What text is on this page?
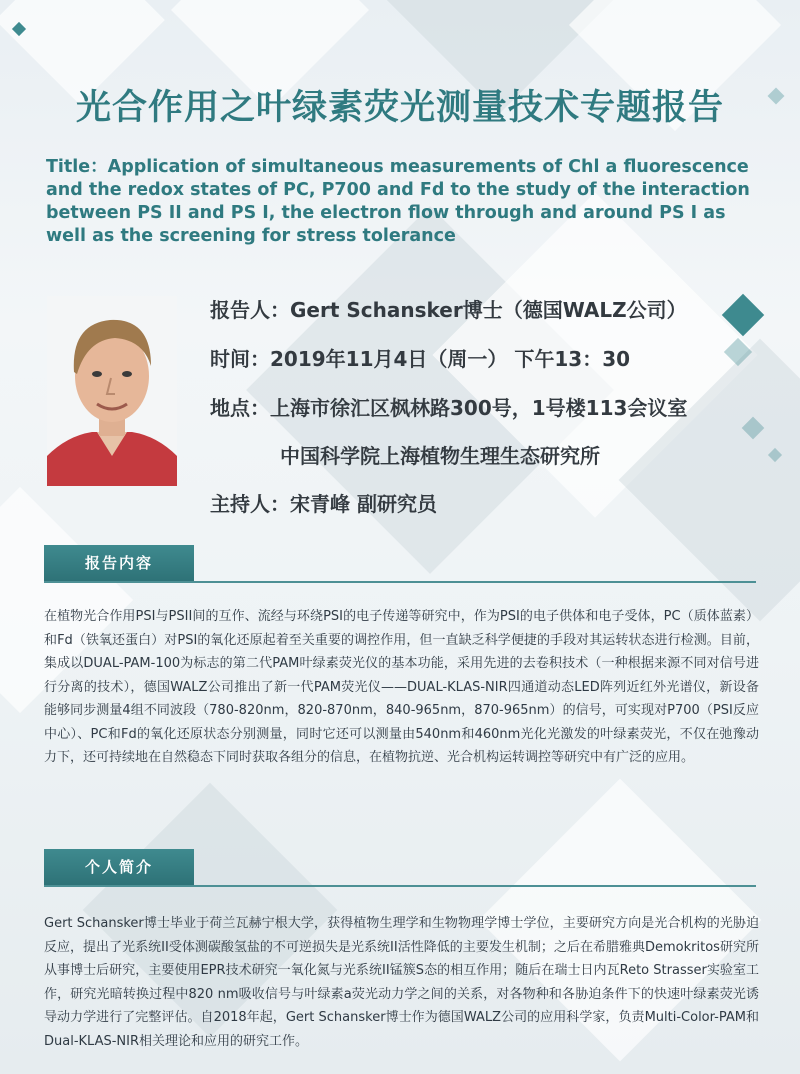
光合作用之叶绿素荧光测量技术专题报告

Title：Application of simultaneous measurements of Chl a fluorescence and the redox states of PC, P700 and Fd to the study of the interaction between PS II and PS I, the electron flow through and around PS I as well as the screening for stress tolerance

报告人：Gert Schansker博士（德国WALZ公司）
时间：2019年11月4日（周一） 下午13：30
地点：上海市徐汇区枫林路300号，1号楼113会议室
中国科学院上海植物生理生态研究所
主持人：宋青峰 副研究员
报告内容

在植物光合作用PSI与PSII间的互作、流经与环绕PSI的电子传递等研究中，作为PSI的电子供体和电子受体，PC（质体蓝素）和Fd（铁氧还蛋白）对PSI的氧化还原起着至关重要的调控作用，但一直缺乏科学便捷的手段对其运转状态进行检测。目前，集成以DUAL-PAM-100为标志的第二代PAM叶绿素荧光仪的基本功能，采用先进的去卷积技术（一种根据来源不同对信号进行分离的技术），德国WALZ公司推出了新一代PAM荧光仪——DUAL-KLAS-NIR四通道动态LED阵列近红外光谱仪，新设备能够同步测量4组不同波段（780-820nm，820-870nm，840-965nm，870-965nm）的信号，可实现对P700（PSI反应中心）、PC和Fd的氧化还原状态分别测量，同时它还可以测量由540nm和460nm光化光激发的叶绿素荧光，不仅在弛豫动力下，还可持续地在自然稳态下同时获取各组分的信息，在植物抗逆、光合机构运转调控等研究中有广泛的应用。

个人简介

Gert Schansker博士毕业于荷兰瓦赫宁根大学，获得植物生理学和生物物理学博士学位，主要研究方向是光合机构的光胁迫反应，提出了光系统II受体测碳酸氢盐的不可逆损失是光系统II活性降低的主要发生机制；之后在希腊雅典Demokritos研究所从事博士后研究，主要使用EPR技术研究一氧化氮与光系统II锰簇S态的相互作用；随后在瑞士日内瓦Reto Strasser实验室工作，研究光暗转换过程中820 nm吸收信号与叶绿素a荧光动力学之间的关系，对各物种和各胁迫条件下的快速叶绿素荧光诱导动力学进行了完整评估。自2018年起，Gert Schansker博士作为德国WALZ公司的应用科学家，负责Multi-Color-PAM和Dual-KLAS-NIR相关理论和应用的研究工作。
